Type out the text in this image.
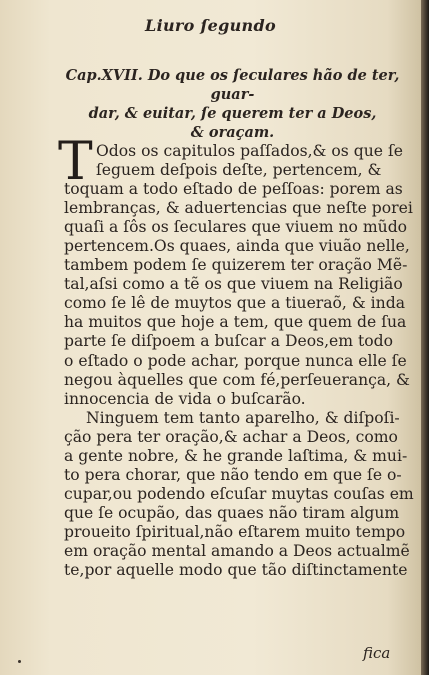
Liuro ſegundo
Cap.XVII. Do que os ſeculares hão de ter, guar-
dar, & euitar, ſe querem ter a Deos,
& oraçam.
T Odos os capitulos paſſados,& os que ſe
ſeguem deſpois deſte, pertencem, &
toquam a todo eſtado de peſſoas: porem as
lembranças, & aduertencias que neſte porei
quaſi a ſôs os ſeculares que viuem no mũdo
pertencem.Os quaes, ainda que viuão nelle,
tambem podem ſe quizerem ter oração Mẽ-
tal,aſsi como a tẽ os que viuem na Religião
como ſe lê de muytos que a tiueraõ, & inda
ha muitos que hoje a tem, que quem de ſua
parte ſe diſpoem a buſcar a Deos,em todo
o eſtado o pode achar, porque nunca elle ſe
negou àquelles que com fé,perſeuerança, &
innocencia de vida o buſcarão.
Ninguem tem tanto aparelho, & diſpoſi-
ção pera ter oração,& achar a Deos, como
a gente nobre, & he grande laſtima, & mui-
to pera chorar, que não tendo em que ſe o-
cupar,ou podendo eſcuſar muytas couſas em
que ſe ocupão, das quaes não tiram algum
proueito ſpiritual,não eſtarem muito tempo
em oração mental amando a Deos actualmẽ
te,por aquelle modo que tão diſtinctamente
fica
